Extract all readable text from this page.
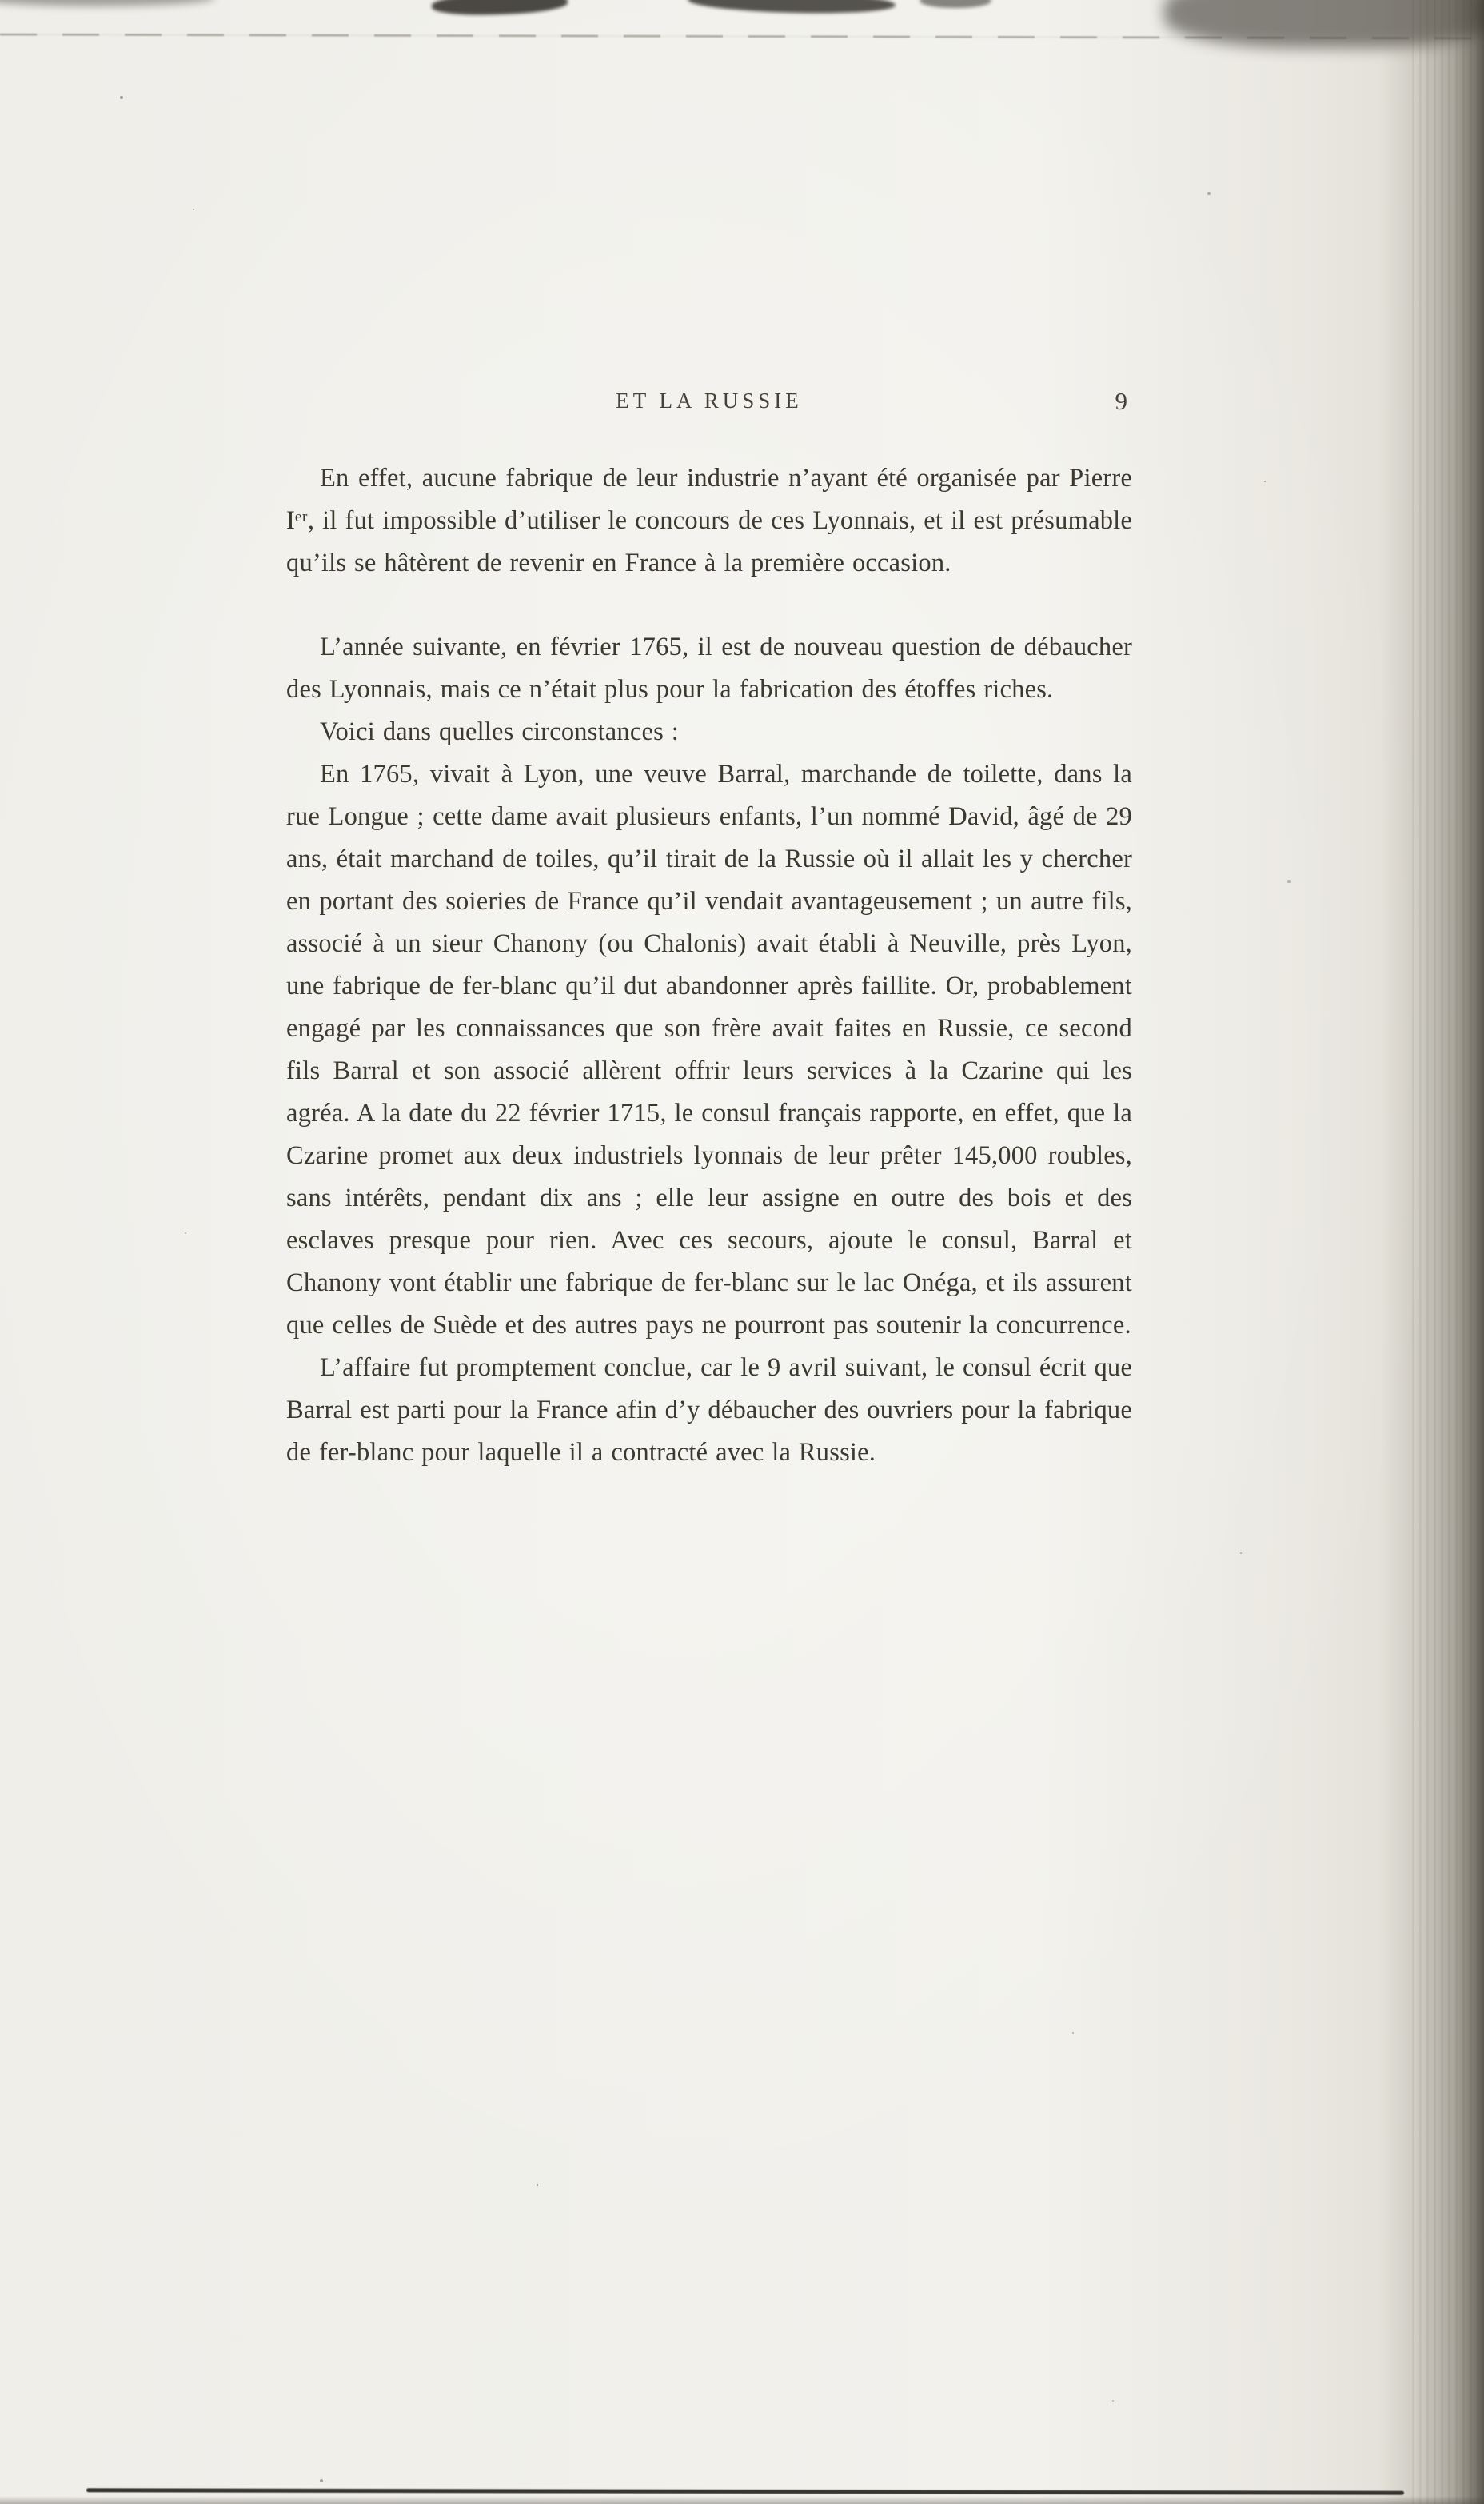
ET LA RUSSIE	9

En effet, aucune fabrique de leur industrie n’ayant été organisée par Pierre Iᵉʳ, il fut impossible d’utiliser le concours de ces Lyonnais, et il est présumable qu’ils se hâtèrent de revenir en France à la première occasion.

L’année suivante, en février 1765, il est de nouveau question de débaucher des Lyonnais, mais ce n’était plus pour la fabrication des étoffes riches.

Voici dans quelles circonstances :

En 1765, vivait à Lyon, une veuve Barral, marchande de toilette, dans la rue Longue ; cette dame avait plusieurs enfants, l’un nommé David, âgé de 29 ans, était marchand de toiles, qu’il tirait de la Russie où il allait les y chercher en portant des soieries de France qu’il vendait avantageusement ; un autre fils, associé à un sieur Chanony (ou Chalonis) avait établi à Neuville, près Lyon, une fabrique de fer-blanc qu’il dut abandonner après faillite. Or, probablement engagé par les connaissances que son frère avait faites en Russie, ce second fils Barral et son associé allèrent offrir leurs services à la Czarine qui les agréa. A la date du 22 février 1715, le consul français rapporte, en effet, que la Czarine promet aux deux industriels lyonnais de leur prêter 145,000 roubles, sans intérêts, pendant dix ans ; elle leur assigne en outre des bois et des esclaves presque pour rien. Avec ces secours, ajoute le consul, Barral et Chanony vont établir une fabrique de fer-blanc sur le lac Onéga, et ils assurent que celles de Suède et des autres pays ne pourront pas soutenir la concurrence.

L’affaire fut promptement conclue, car le 9 avril suivant, le consul écrit que Barral est parti pour la France afin d’y débaucher des ouvriers pour la fabrique de fer-blanc pour laquelle il a contracté avec la Russie.
